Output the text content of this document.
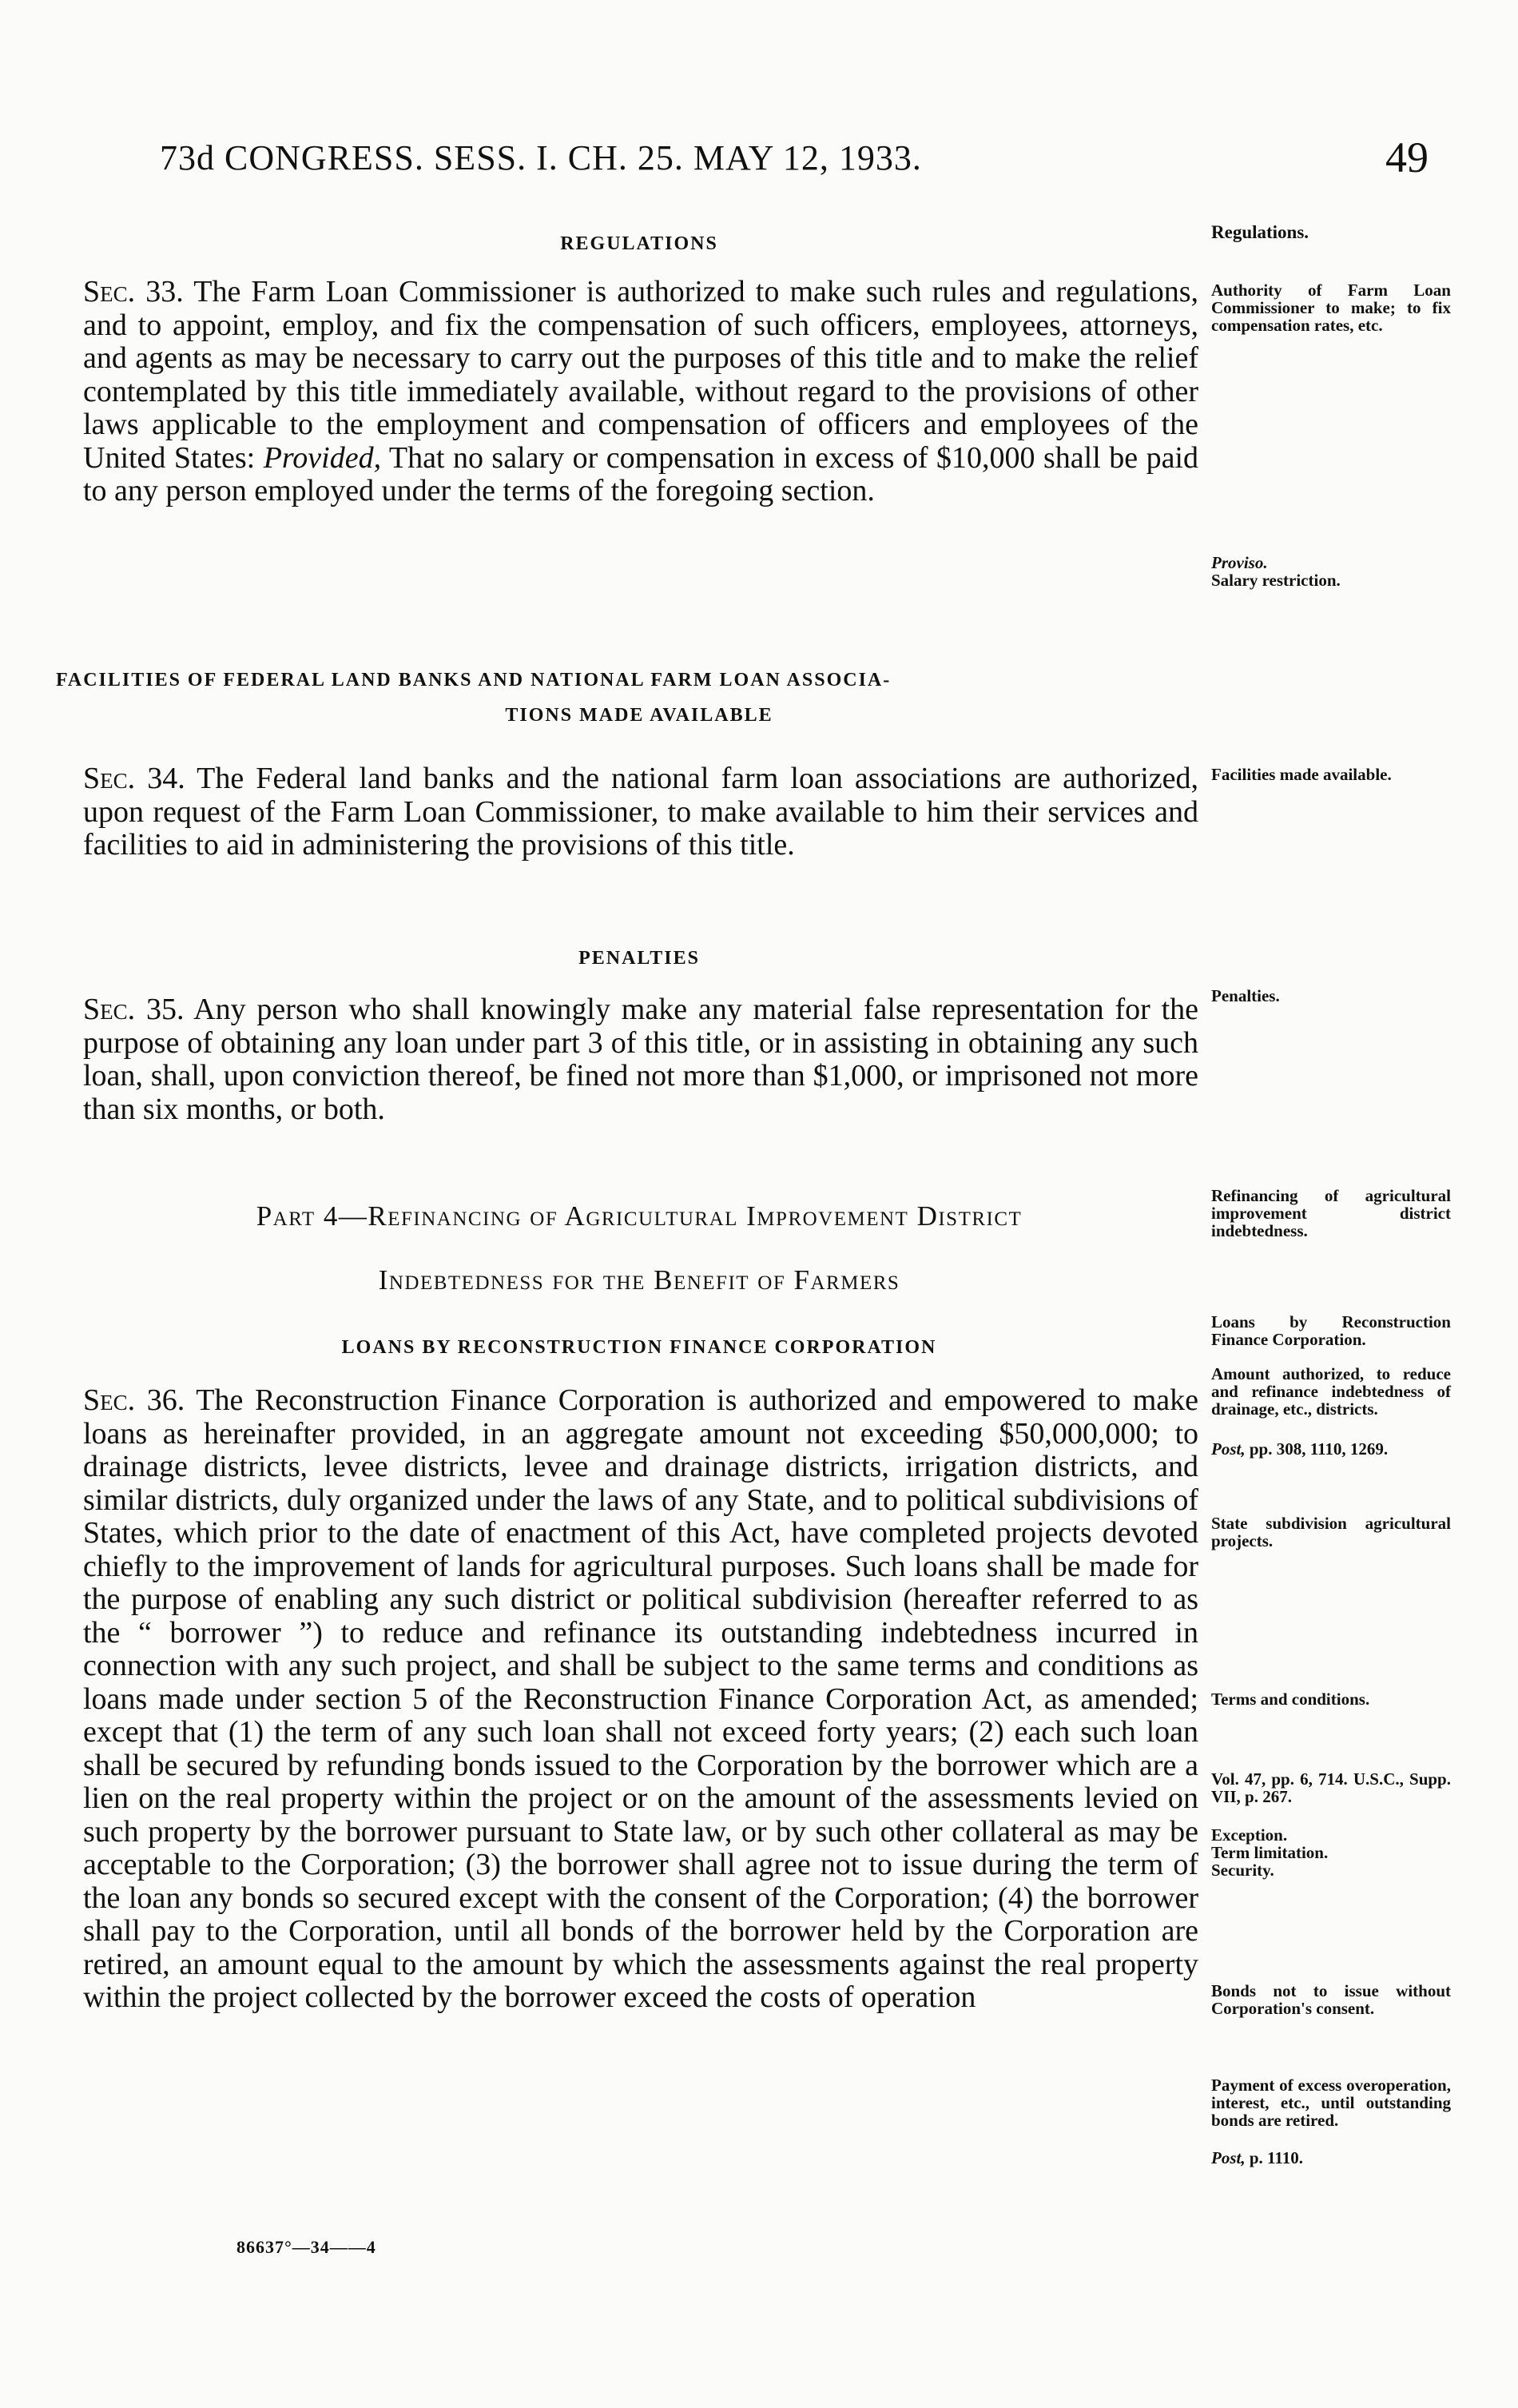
73d CONGRESS. SESS. I. CH. 25. MAY 12, 1933.	49
REGULATIONS
Regulations.

Sec. 33. The Farm Loan Commissioner is authorized to make such rules and regulations, and to appoint, employ, and fix the compensation of such officers, employees, attorneys, and agents as may be necessary to carry out the purposes of this title and to make the relief contemplated by this title immediately available, without regard to the provisions of other laws applicable to the employment and compensation of officers and employees of the United States: Provided, That no salary or compensation in excess of $10,000 shall be paid to any person employed under the terms of the foregoing section.

Authority of Farm Loan Commissioner to make; to fix compensation rates, etc.
Proviso.
Salary restriction.
FACILITIES OF FEDERAL LAND BANKS AND NATIONAL FARM LOAN ASSOCIA-
TIONS MADE AVAILABLE

Sec. 34. The Federal land banks and the national farm loan associations are authorized, upon request of the Farm Loan Commissioner, to make available to him their services and facilities to aid in administering the provisions of this title.

Facilities made available.
PENALTIES

Sec. 35. Any person who shall knowingly make any material false representation for the purpose of obtaining any loan under part 3 of this title, or in assisting in obtaining any such loan, shall, upon conviction thereof, be fined not more than $1,000, or imprisoned not more than six months, or both.

Penalties.
Part 4—Refinancing of Agricultural Improvement District
Indebtedness for the Benefit of Farmers
Refinancing of agricultural improvement district indebtedness.
LOANS BY RECONSTRUCTION FINANCE CORPORATION
Loans by Reconstruction Finance Corporation.

Sec. 36. The Reconstruction Finance Corporation is authorized and empowered to make loans as hereinafter provided, in an aggregate amount not exceeding $50,000,000; to drainage districts, levee districts, levee and drainage districts, irrigation districts, and similar districts, duly organized under the laws of any State, and to political subdivisions of States, which prior to the date of enactment of this Act, have completed projects devoted chiefly to the improvement of lands for agricultural purposes. Such loans shall be made for the purpose of enabling any such district or political subdivision (hereafter referred to as the “ borrower ”) to reduce and refinance its outstanding indebtedness incurred in connection with any such project, and shall be subject to the same terms and conditions as loans made under section 5 of the Reconstruction Finance Corporation Act, as amended; except that (1) the term of any such loan shall not exceed forty years; (2) each such loan shall be secured by refunding bonds issued to the Corporation by the borrower which are a lien on the real property within the project or on the amount of the assessments levied on such property by the borrower pursuant to State law, or by such other collateral as may be acceptable to the Corporation; (3) the borrower shall agree not to issue during the term of the loan any bonds so secured except with the consent of the Corporation; (4) the borrower shall pay to the Corporation, until all bonds of the borrower held by the Corporation are retired, an amount equal to the amount by which the assessments against the real property within the project collected by the borrower exceed the costs of operation

Amount authorized, to reduce and refinance indebtedness of drainage, etc., districts.
Post, pp. 308, 1110, 1269.
State subdivision agricultural projects.
Terms and conditions.
Vol. 47, pp. 6, 714. U.S.C., Supp. VII, p. 267.
Exception.
Term limitation.
Security.
Bonds not to issue without Corporation's consent.
Payment of excess overoperation, interest, etc., until outstanding bonds are retired.
Post, p. 1110.
86637°—34——4
